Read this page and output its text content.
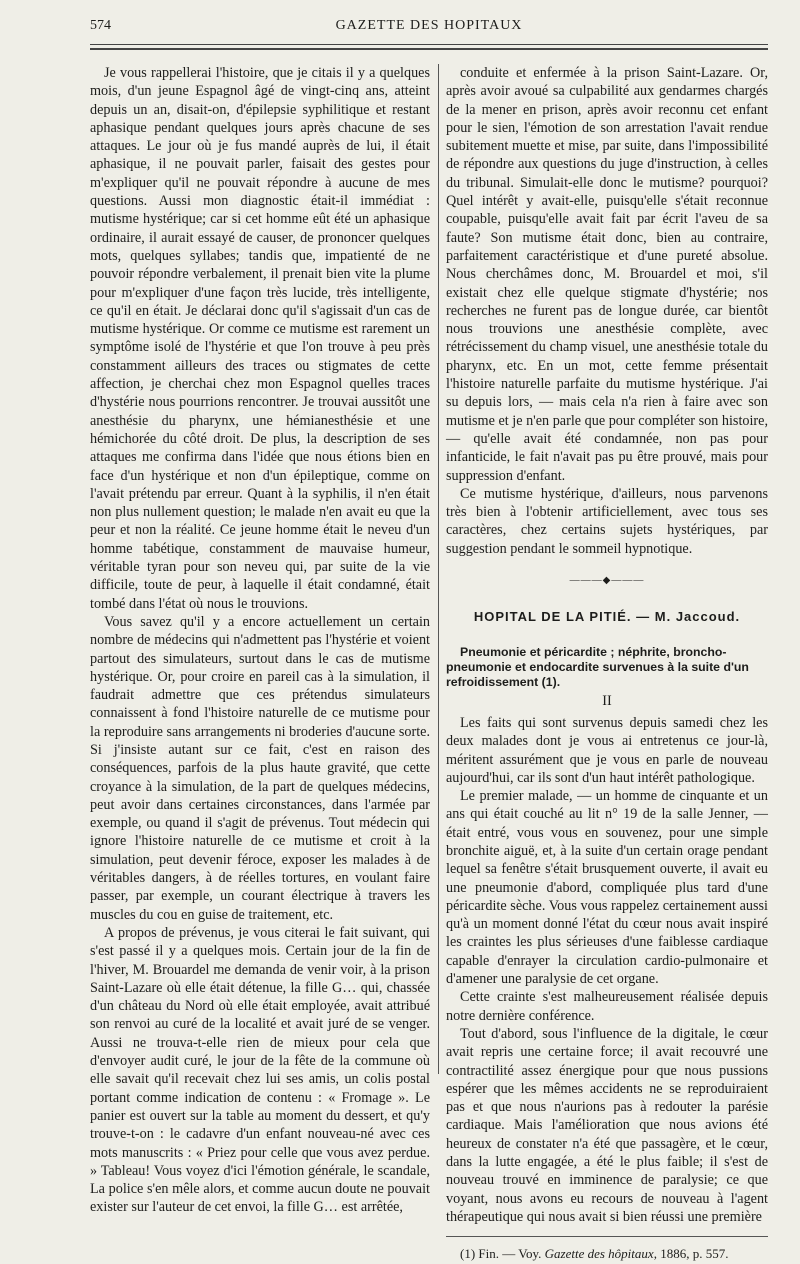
574	GAZETTE DES HOPITAUX

Je vous rappellerai l'histoire, que je citais il y a quelques mois, d'un jeune Espagnol âgé de vingt-cinq ans, atteint depuis un an, disait-on, d'épilepsie syphilitique et restant aphasique pendant quelques jours après chacune de ses attaques. Le jour où je fus mandé auprès de lui, il était aphasique, il ne pouvait parler, faisait des gestes pour m'expliquer qu'il ne pouvait répondre à aucune de mes questions. Aussi mon diagnostic était-il immédiat : mutisme hystérique; car si cet homme eût été un aphasique ordinaire, il aurait essayé de causer, de prononcer quelques mots, quelques syllabes; tandis que, impatienté de ne pouvoir répondre verbalement, il prenait bien vite la plume pour m'expliquer d'une façon très lucide, très intelligente, ce qu'il en était. Je déclarai donc qu'il s'agissait d'un cas de mutisme hystérique. Or comme ce mutisme est rarement un symptôme isolé de l'hystérie et que l'on trouve à peu près constamment ailleurs des traces ou stigmates de cette affection, je cherchai chez mon Espagnol quelles traces d'hystérie nous pourrions rencontrer. Je trouvai aussitôt une anesthésie du pharynx, une hémianesthésie et une hémichorée du côté droit. De plus, la description de ses attaques me confirma dans l'idée que nous étions bien en face d'un hystérique et non d'un épileptique, comme on l'avait prétendu par erreur. Quant à la syphilis, il n'en était non plus nullement question; le malade n'en avait eu que la peur et non la réalité. Ce jeune homme était le neveu d'un homme tabétique, constamment de mauvaise humeur, véritable tyran pour son neveu qui, par suite de la vie difficile, toute de peur, à laquelle il était condamné, était tombé dans l'état où nous le trouvions.

Vous savez qu'il y a encore actuellement un certain nombre de médecins qui n'admettent pas l'hystérie et voient partout des simulateurs, surtout dans le cas de mutisme hystérique. Or, pour croire en pareil cas à la simulation, il faudrait admettre que ces prétendus simulateurs connaissent à fond l'histoire naturelle de ce mutisme pour la reproduire sans arrangements ni broderies d'aucune sorte. Si j'insiste autant sur ce fait, c'est en raison des conséquences, parfois de la plus haute gravité, que cette croyance à la simulation, de la part de quelques médecins, peut avoir dans certaines circonstances, dans l'armée par exemple, ou quand il s'agit de prévenus. Tout médecin qui ignore l'histoire naturelle de ce mutisme et croit à la simulation, peut devenir féroce, exposer les malades à de véritables dangers, à de réelles tortures, en voulant faire passer, par exemple, un courant électrique à travers les muscles du cou en guise de traitement, etc.

A propos de prévenus, je vous citerai le fait suivant, qui s'est passé il y a quelques mois. Certain jour de la fin de l'hiver, M. Brouardel me demanda de venir voir, à la prison Saint-Lazare où elle était détenue, la fille G… qui, chassée d'un château du Nord où elle était employée, avait attribué son renvoi au curé de la localité et avait juré de se venger. Aussi ne trouva-t-elle rien de mieux pour cela que d'envoyer audit curé, le jour de la fête de la commune où elle savait qu'il recevait chez lui ses amis, un colis postal portant comme indication de contenu : « Fromage ». Le panier est ouvert sur la table au moment du dessert, et qu'y trouve-t-on : le cadavre d'un enfant nouveau-né avec ces mots manuscrits : « Priez pour celle que vous avez perdue. » Tableau! Vous voyez d'ici l'émotion générale, le scandale, La police s'en mêle alors, et comme aucun doute ne pouvait exister sur l'auteur de cet envoi, la fille G… est arrêtée,

conduite et enfermée à la prison Saint-Lazare. Or, après avoir avoué sa culpabilité aux gendarmes chargés de la mener en prison, après avoir reconnu cet enfant pour le sien, l'émotion de son arrestation l'avait rendue subitement muette et mise, par suite, dans l'impossibilité de répondre aux questions du juge d'instruction, à celles du tribunal. Simulait-elle donc le mutisme? pourquoi? Quel intérêt y avait-elle, puisqu'elle s'était reconnue coupable, puisqu'elle avait fait par écrit l'aveu de sa faute? Son mutisme était donc, bien au contraire, parfaitement caractéristique et d'une pureté absolue. Nous cherchâmes donc, M. Brouardel et moi, s'il existait chez elle quelque stigmate d'hystérie; nos recherches ne furent pas de longue durée, car bientôt nous trouvions une anesthésie complète, avec rétrécissement du champ visuel, une anesthésie totale du pharynx, etc. En un mot, cette femme présentait l'histoire naturelle parfaite du mutisme hystérique. J'ai su depuis lors, — mais cela n'a rien à faire avec son mutisme et je n'en parle que pour compléter son histoire, — qu'elle avait été condamnée, non pas pour infanticide, le fait n'avait pas pu être prouvé, mais pour suppression d'enfant.

Ce mutisme hystérique, d'ailleurs, nous parvenons très bien à l'obtenir artificiellement, avec tous ses caractères, chez certains sujets hystériques, par suggestion pendant le sommeil hypnotique.

———◆———
HOPITAL DE LA PITIÉ. — M. Jaccoud.

Pneumonie et péricardite ; néphrite, broncho-pneumonie et endocardite survenues à la suite d'un refroidissement (1).

II

Les faits qui sont survenus depuis samedi chez les deux malades dont je vous ai entretenus ce jour-là, méritent assurément que je vous en parle de nouveau aujourd'hui, car ils sont d'un haut intérêt pathologique.

Le premier malade, — un homme de cinquante et un ans qui était couché au lit n° 19 de la salle Jenner, — était entré, vous vous en souvenez, pour une simple bronchite aiguë, et, à la suite d'un certain orage pendant lequel sa fenêtre s'était brusquement ouverte, il avait eu une pneumonie d'abord, compliquée plus tard d'une péricardite sèche. Vous vous rappelez certainement aussi qu'à un moment donné l'état du cœur nous avait inspiré les craintes les plus sérieuses d'une faiblesse cardiaque capable d'enrayer la circulation cardio-pulmonaire et d'amener une paralysie de cet organe.

Cette crainte s'est malheureusement réalisée depuis notre dernière conférence.

Tout d'abord, sous l'influence de la digitale, le cœur avait repris une certaine force; il avait recouvré une contractilité assez énergique pour que nous pussions espérer que les mêmes accidents ne se reproduiraient pas et que nous n'aurions pas à redouter la parésie cardiaque. Mais l'amélioration que nous avions été heureux de constater n'a été que passagère, et le cœur, dans la lutte engagée, a été le plus faible; il s'est de nouveau trouvé en imminence de paralysie; ce que voyant, nous avons eu recours de nouveau à l'agent thérapeutique qui nous avait si bien réussi une première

(1) Fin. — Voy. Gazette des hôpitaux, 1886, p. 557.
